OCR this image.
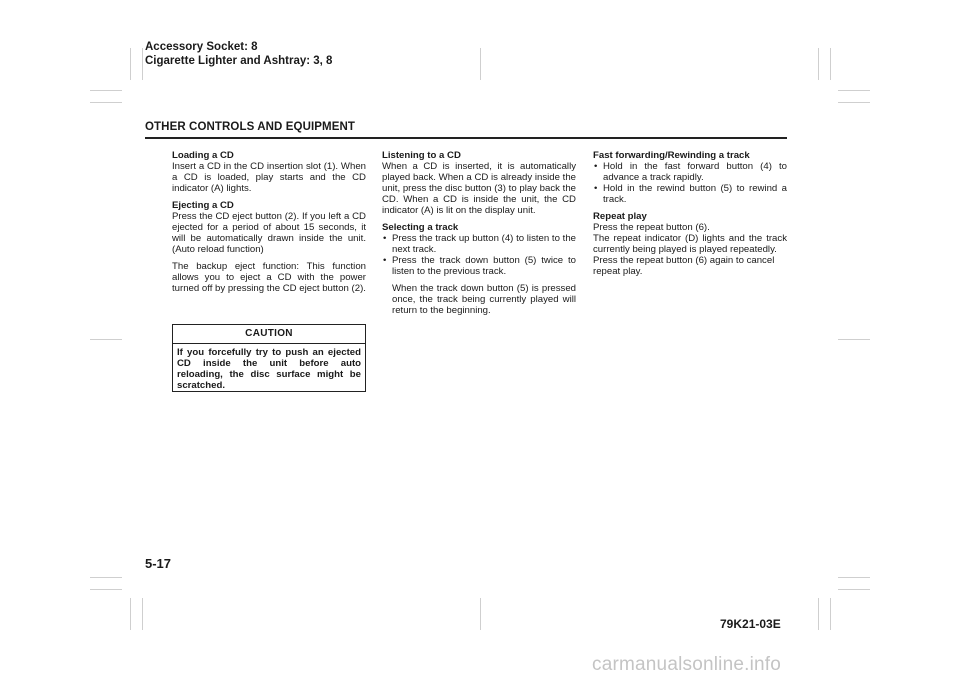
Accessory Socket: 8
Cigarette Lighter and Ashtray: 3, 8
OTHER CONTROLS AND EQUIPMENT

Loading a CD
Insert a CD in the CD insertion slot (1). When a CD is loaded, play starts and the CD indicator (A) lights.

Ejecting a CD
Press the CD eject button (2). If you left a CD ejected for a period of about 15 seconds, it will be automatically drawn inside the unit. (Auto reload function)

The backup eject function: This function allows you to eject a CD with the power turned off by pressing the CD eject button (2).

CAUTION
If you forcefully try to push an ejected CD inside the unit before auto reloading, the disc surface might be scratched.

Listening to a CD
When a CD is inserted, it is automatically played back. When a CD is already inside the unit, press the disc button (3) to play back the CD. When a CD is inside the unit, the CD indicator (A) is lit on the display unit.

Selecting a track
• Press the track up button (4) to listen to the next track.
• Press the track down button (5) twice to listen to the previous track.
When the track down button (5) is pressed once, the track being currently played will return to the beginning.
Fast forwarding/Rewinding a track
• Hold in the fast forward button (4) to advance a track rapidly.
• Hold in the rewind button (5) to rewind a track.

Repeat play
Press the repeat button (6).
The repeat indicator (D) lights and the track currently being played is played repeatedly.
Press the repeat button (6) again to cancel repeat play.

5-17
79K21-03E
carmanualsonline.info
